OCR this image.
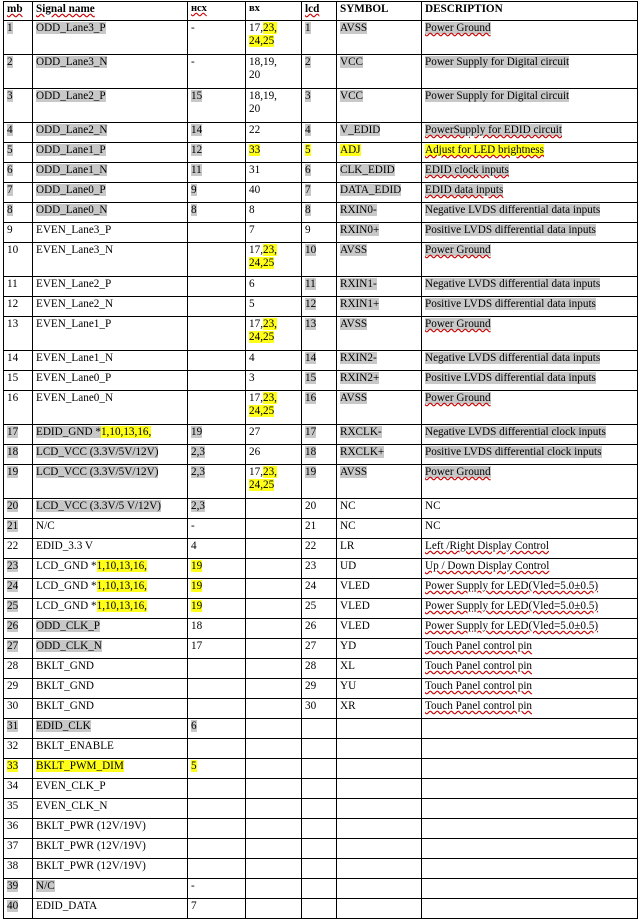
mb	Signal name	нсх	вх	lcd	SYMBOL	DESCRIPTION
1	ODD_Lane3_P	-	17,23,
24,25	1	AVSS	Power Ground
2	ODD_Lane3_N	-	18,19,
20	2	VCC	Power Supply for Digital circuit
3	ODD_Lane2_P	15	18,19,
20	3	VCC	Power Supply for Digital circuit
4	ODD_Lane2_N	14	22	4	V_EDID	PowerSupply for EDID circuit
5	ODD_Lane1_P	12	33	5	ADJ	Adjust for LED brightness
6	ODD_Lane1_N	11	31	6	CLK_EDID	EDID clock inputs
7	ODD_Lane0_P	9	40	7	DATA_EDID	EDID data inputs
8	ODD_Lane0_N	8	8	8	RXIN0-	Negative LVDS differential data inputs
9	EVEN_Lane3_P		7	9	RXIN0+	Positive LVDS differential data inputs
10	EVEN_Lane3_N		17,23,
24,25	10	AVSS	Power Ground
11	EVEN_Lane2_P		6	11	RXIN1-	Negative LVDS differential data inputs
12	EVEN_Lane2_N		5	12	RXIN1+	Positive LVDS differential data inputs
13	EVEN_Lane1_P		17,23,
24,25	13	AVSS	Power Ground
14	EVEN_Lane1_N		4	14	RXIN2-	Negative LVDS differential data inputs
15	EVEN_Lane0_P		3	15	RXIN2+	Positive LVDS differential data inputs
16	EVEN_Lane0_N		17,23,
24,25	16	AVSS	Power Ground
17	EDID_GND *1,10,13,16,	19	27	17	RXCLK-	Negative LVDS differential clock inputs
18	LCD_VCC (3.3V/5V/12V)	2,3	26	18	RXCLK+	Positive LVDS differential clock inputs
19	LCD_VCC (3.3V/5V/12V)	2,3	17,23,
24,25	19	AVSS	Power Ground
20	LCD_VCC (3.3V/5 V/12V)	2,3		20	NC	NC
21	N/C	-		21	NC	NC
22	EDID_3.3 V	4		22	LR	Left /Right Display Control
23	LCD_GND *1,10,13,16,	19		23	UD	Up / Down Display Control
24	LCD_GND *1,10,13,16,	19		24	VLED	Power Supply for LED(Vled=5.0±0.5)
25	LCD_GND *1,10,13,16,	19		25	VLED	Power Supply for LED(Vled=5.0±0.5)
26	ODD_CLK_P	18		26	VLED	Power Supply for LED(Vled=5.0±0.5)
27	ODD_CLK_N	17		27	YD	Touch Panel control pin
28	BKLT_GND			28	XL	Touch Panel control pin
29	BKLT_GND			29	YU	Touch Panel control pin
30	BKLT_GND			30	XR	Touch Panel control pin
31	EDID_CLK	6				
32	BKLT_ENABLE					
33	BKLT_PWM_DIM	5				
34	EVEN_CLK_P					
35	EVEN_CLK_N					
36	BKLT_PWR (12V/19V)					
37	BKLT_PWR (12V/19V)					
38	BKLT_PWR (12V/19V)					
39	N/C	-				
40	EDID_DATA	7				
